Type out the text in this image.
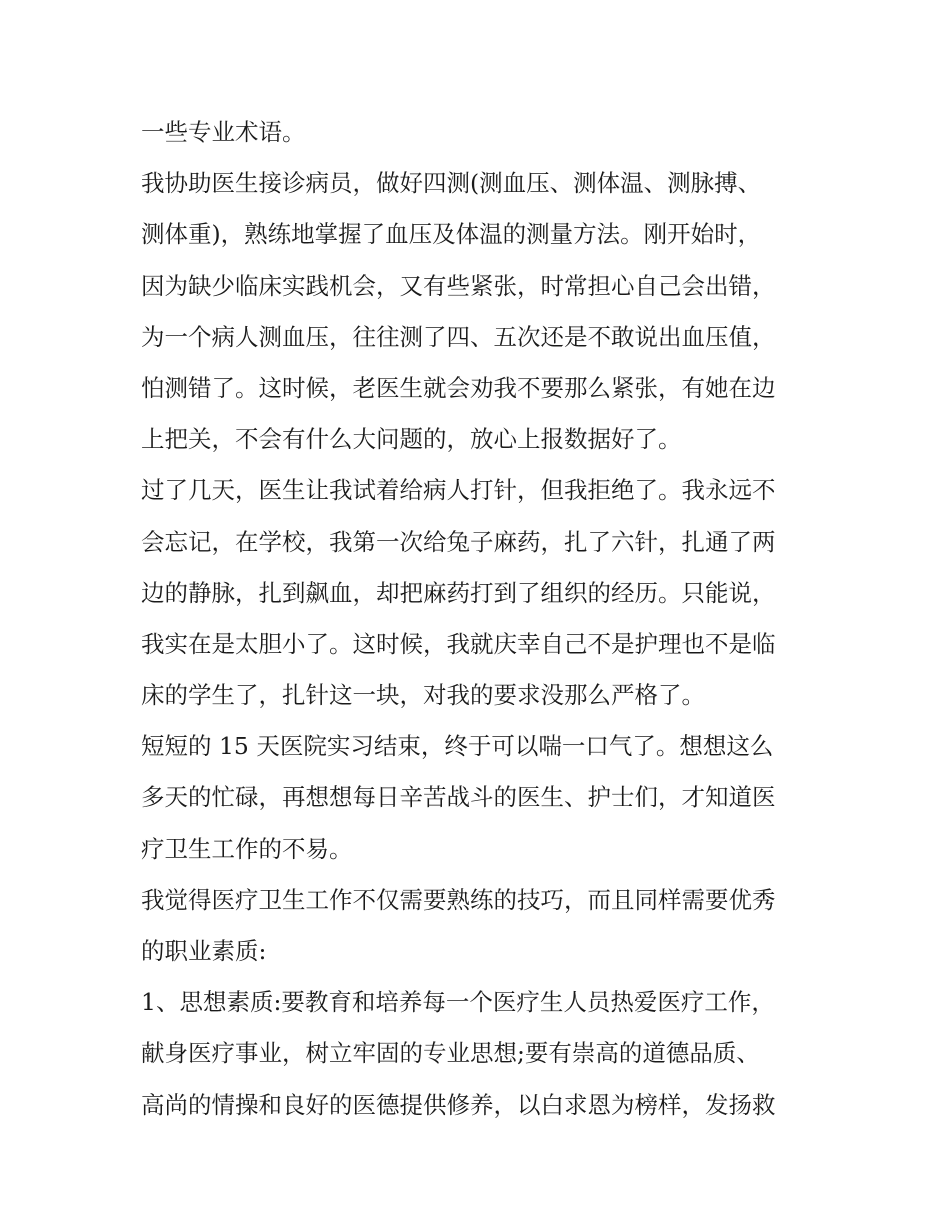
一些专业术语。
我协助医生接诊病员，做好四测(测血压、测体温、测脉搏、
测体重)，熟练地掌握了血压及体温的测量方法。刚开始时，
因为缺少临床实践机会，又有些紧张，时常担心自己会出错，
为一个病人测血压，往往测了四、五次还是不敢说出血压值，
怕测错了。这时候，老医生就会劝我不要那么紧张，有她在边
上把关，不会有什么大问题的，放心上报数据好了。
过了几天，医生让我试着给病人打针，但我拒绝了。我永远不
会忘记，在学校，我第一次给兔子麻药，扎了六针，扎通了两
边的静脉，扎到飙血，却把麻药打到了组织的经历。只能说，
我实在是太胆小了。这时候，我就庆幸自己不是护理也不是临
床的学生了，扎针这一块，对我的要求没那么严格了。
短短的 15 天医院实习结束，终于可以喘一口气了。想想这么
多天的忙碌，再想想每日辛苦战斗的医生、护士们，才知道医
疗卫生工作的不易。
我觉得医疗卫生工作不仅需要熟练的技巧，而且同样需要优秀
的职业素质:
1、思想素质:要教育和培养每一个医疗生人员热爱医疗工作，
献身医疗事业，树立牢固的专业思想;要有崇高的道德品质、
高尚的情操和良好的医德提供修养，以白求恩为榜样，发扬救
